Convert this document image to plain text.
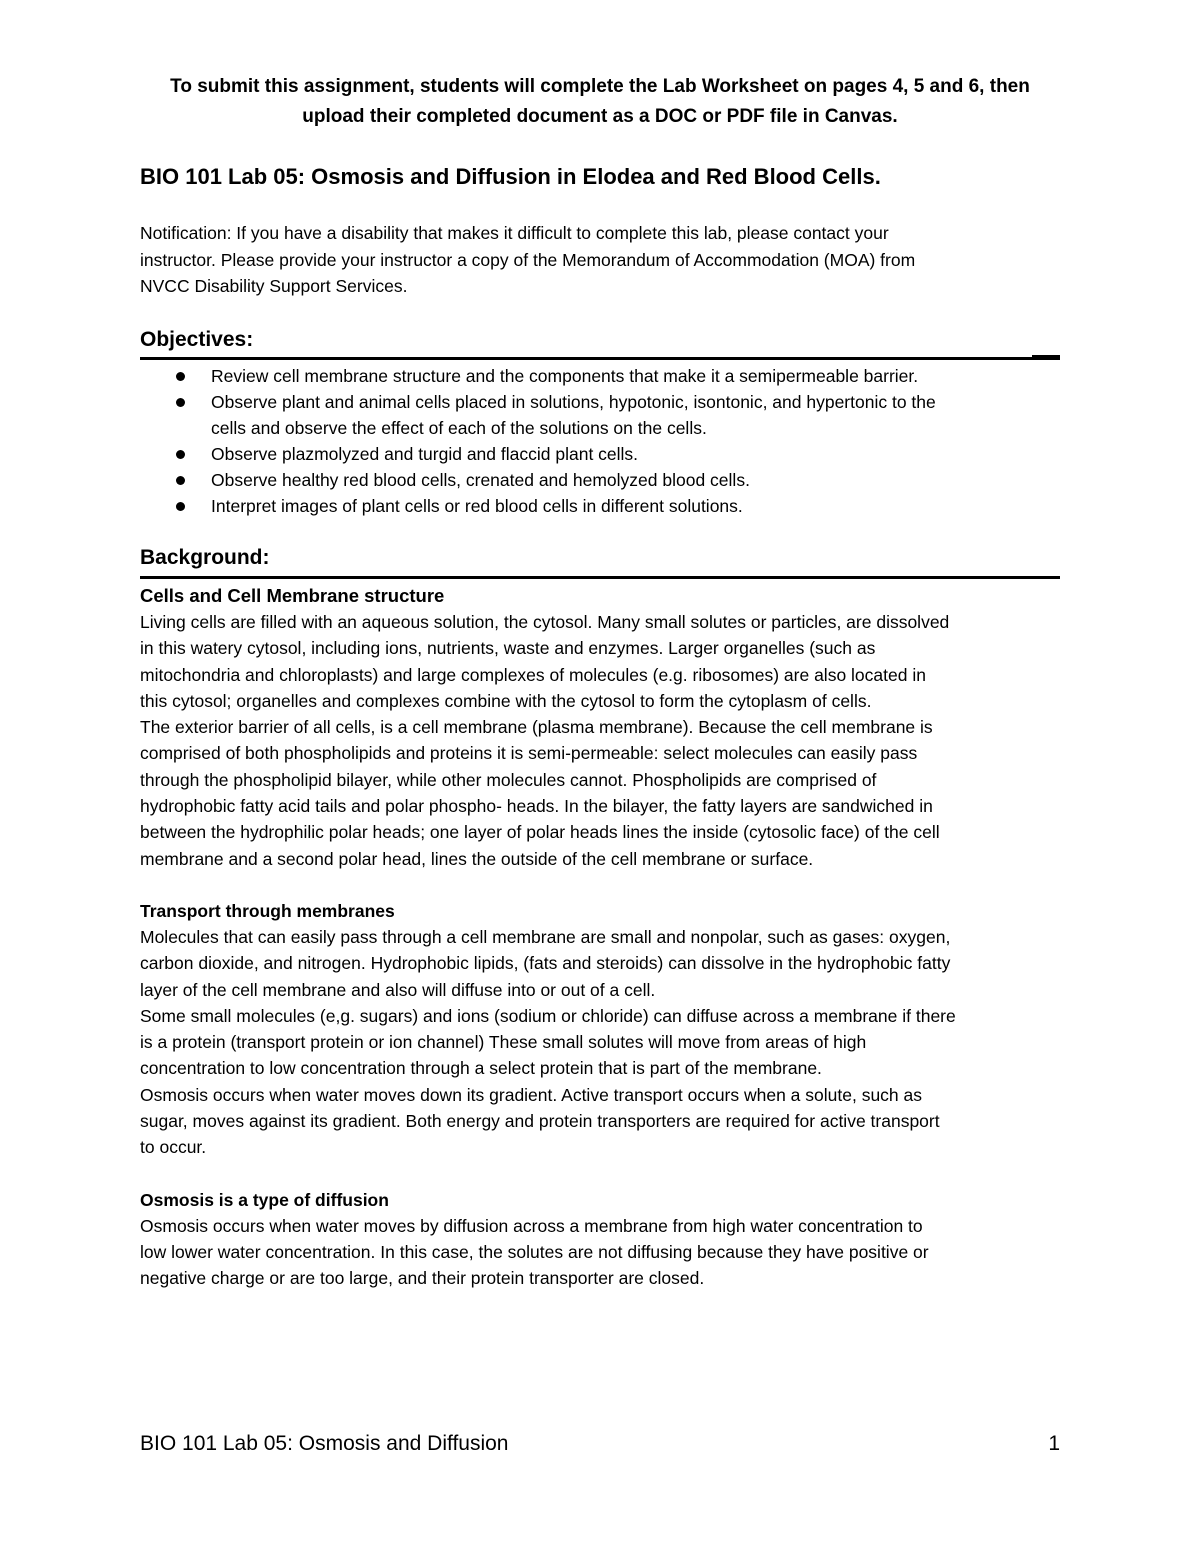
To submit this assignment, students will complete the Lab Worksheet on pages 4, 5 and 6, then
upload their completed document as a DOC or PDF file in Canvas.
BIO 101 Lab 05: Osmosis and Diffusion in Elodea and Red Blood Cells.
Notification: If you have a disability that makes it difficult to complete this lab, please contact your
instructor. Please provide your instructor a copy of the Memorandum of Accommodation (MOA) from
NVCC Disability Support Services.
Objectives:
Review cell membrane structure and the components that make it a semipermeable barrier.
Observe plant and animal cells placed in solutions, hypotonic, isontonic, and hypertonic to the
cells and observe the effect of each of the solutions on the cells.
Observe plazmolyzed and turgid and flaccid plant cells.
Observe healthy red blood cells, crenated and hemolyzed blood cells.
Interpret images of plant cells or red blood cells in different solutions.
Background:

Cells and Cell Membrane structure

Living cells are filled with an aqueous solution, the cytosol. Many small solutes or particles, are dissolved

in this watery cytosol, including ions, nutrients, waste and enzymes. Larger organelles (such as

mitochondria and chloroplasts) and large complexes of molecules (e.g. ribosomes) are also located in

this cytosol; organelles and complexes combine with the cytosol to form the cytoplasm of cells.

The exterior barrier of all cells, is a cell membrane (plasma membrane). Because the cell membrane is

comprised of both phospholipids and proteins it is semi-permeable: select molecules can easily pass

through the phospholipid bilayer, while other molecules cannot. Phospholipids are comprised of

hydrophobic fatty acid tails and polar phospho- heads. In the bilayer, the fatty layers are sandwiched in

between the hydrophilic polar heads; one layer of polar heads lines the inside (cytosolic face) of the cell

membrane and a second polar head, lines the outside of the cell membrane or surface.

Transport through membranes

Molecules that can easily pass through a cell membrane are small and nonpolar, such as gases: oxygen,

carbon dioxide, and nitrogen. Hydrophobic lipids, (fats and steroids) can dissolve in the hydrophobic fatty

layer of the cell membrane and also will diffuse into or out of a cell.

Some small molecules (e,g. sugars) and ions (sodium or chloride) can diffuse across a membrane if there

is a protein (transport protein or ion channel) These small solutes will move from areas of high

concentration to low concentration through a select protein that is part of the membrane.

Osmosis occurs when water moves down its gradient. Active transport occurs when a solute, such as

sugar, moves against its gradient. Both energy and protein transporters are required for active transport

to occur.

Osmosis is a type of diffusion

Osmosis occurs when water moves by diffusion across a membrane from high water concentration to

low lower water concentration. In this case, the solutes are not diffusing because they have positive or

negative charge or are too large, and their protein transporter are closed.

BIO 101 Lab 05: Osmosis and Diffusion	1
